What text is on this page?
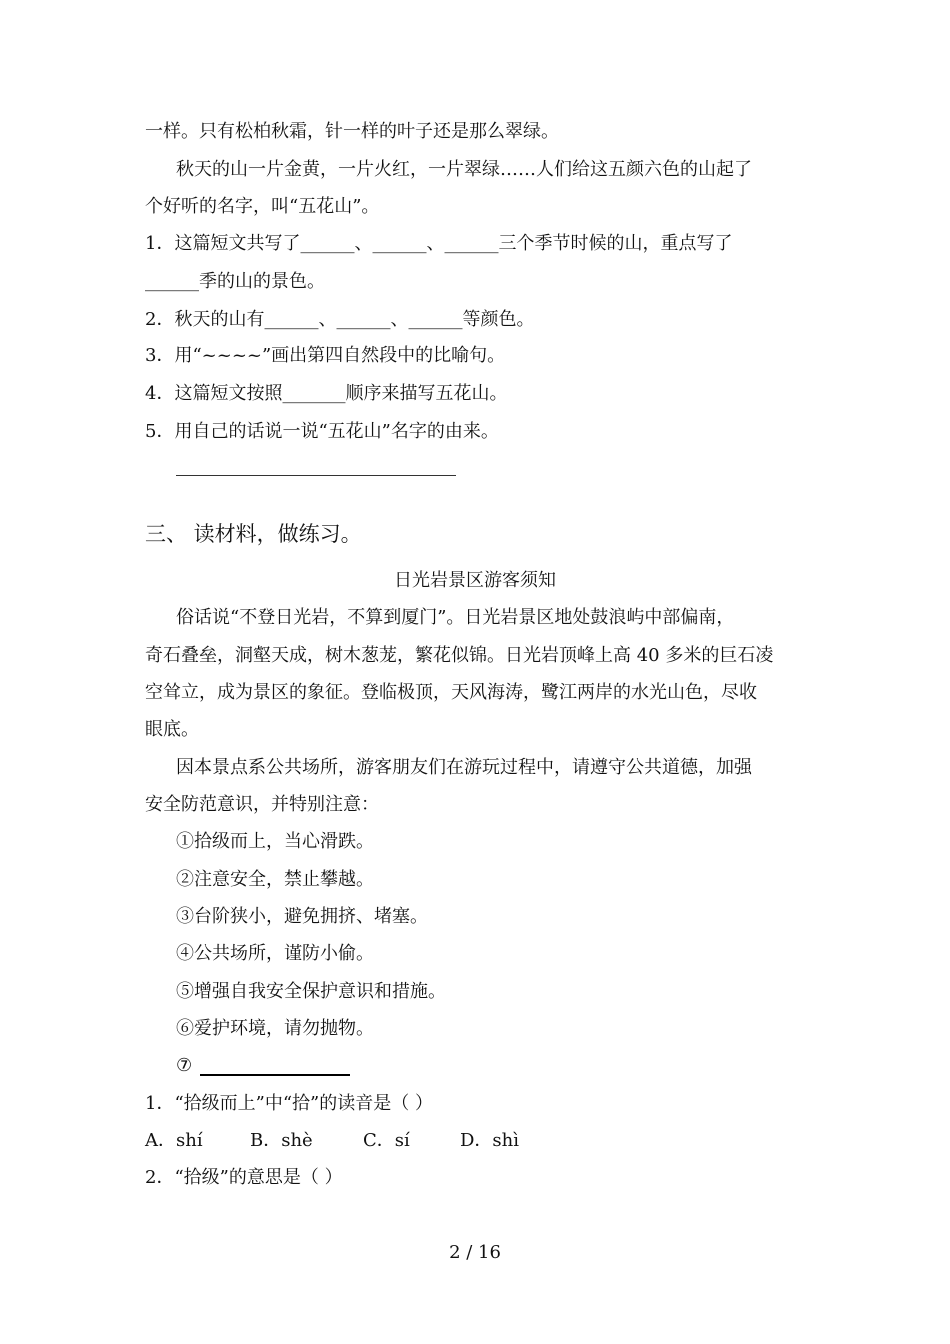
一样。只有松柏秋霜，针一样的叶子还是那么翠绿。
秋天的山一片金黄，一片火红，一片翠绿……人们给这五颜六色的山起了
个好听的名字，叫“五花山”。
1．这篇短文共写了______、______、______三个季节时候的山，重点写了
______季的山的景色。
2．秋天的山有______、______、______等颜色。
3．用“~~~~”画出第四自然段中的比喻句。
4．这篇短文按照_______顺序来描写五花山。
5．用自己的话说一说“五花山”名字的由来。
三、 读材料，做练习。
日光岩景区游客须知
俗话说“不登日光岩，不算到厦门”。日光岩景区地处鼓浪屿中部偏南，
奇石叠垒，洞壑天成，树木葱茏，繁花似锦。日光岩顶峰上高 40 多米的巨石凌
空耸立，成为景区的象征。登临极顶，天风海涛，鹭江两岸的水光山色，尽收
眼底。
因本景点系公共场所，游客朋友们在游玩过程中，请遵守公共道德，加强
安全防范意识，并特别注意：
①拾级而上，当心滑跌。
②注意安全，禁止攀越。
③台阶狭小，避免拥挤、堵塞。
④公共场所，谨防小偷。
⑤增强自我安全保护意识和措施。
⑥爱护环境，请勿抛物。
⑦
1．“拾级而上”中“拾”的读音是（ ）
A．shí	B．shè	C．sí	D．shì
2．“拾级”的意思是（ ）
2 / 16
